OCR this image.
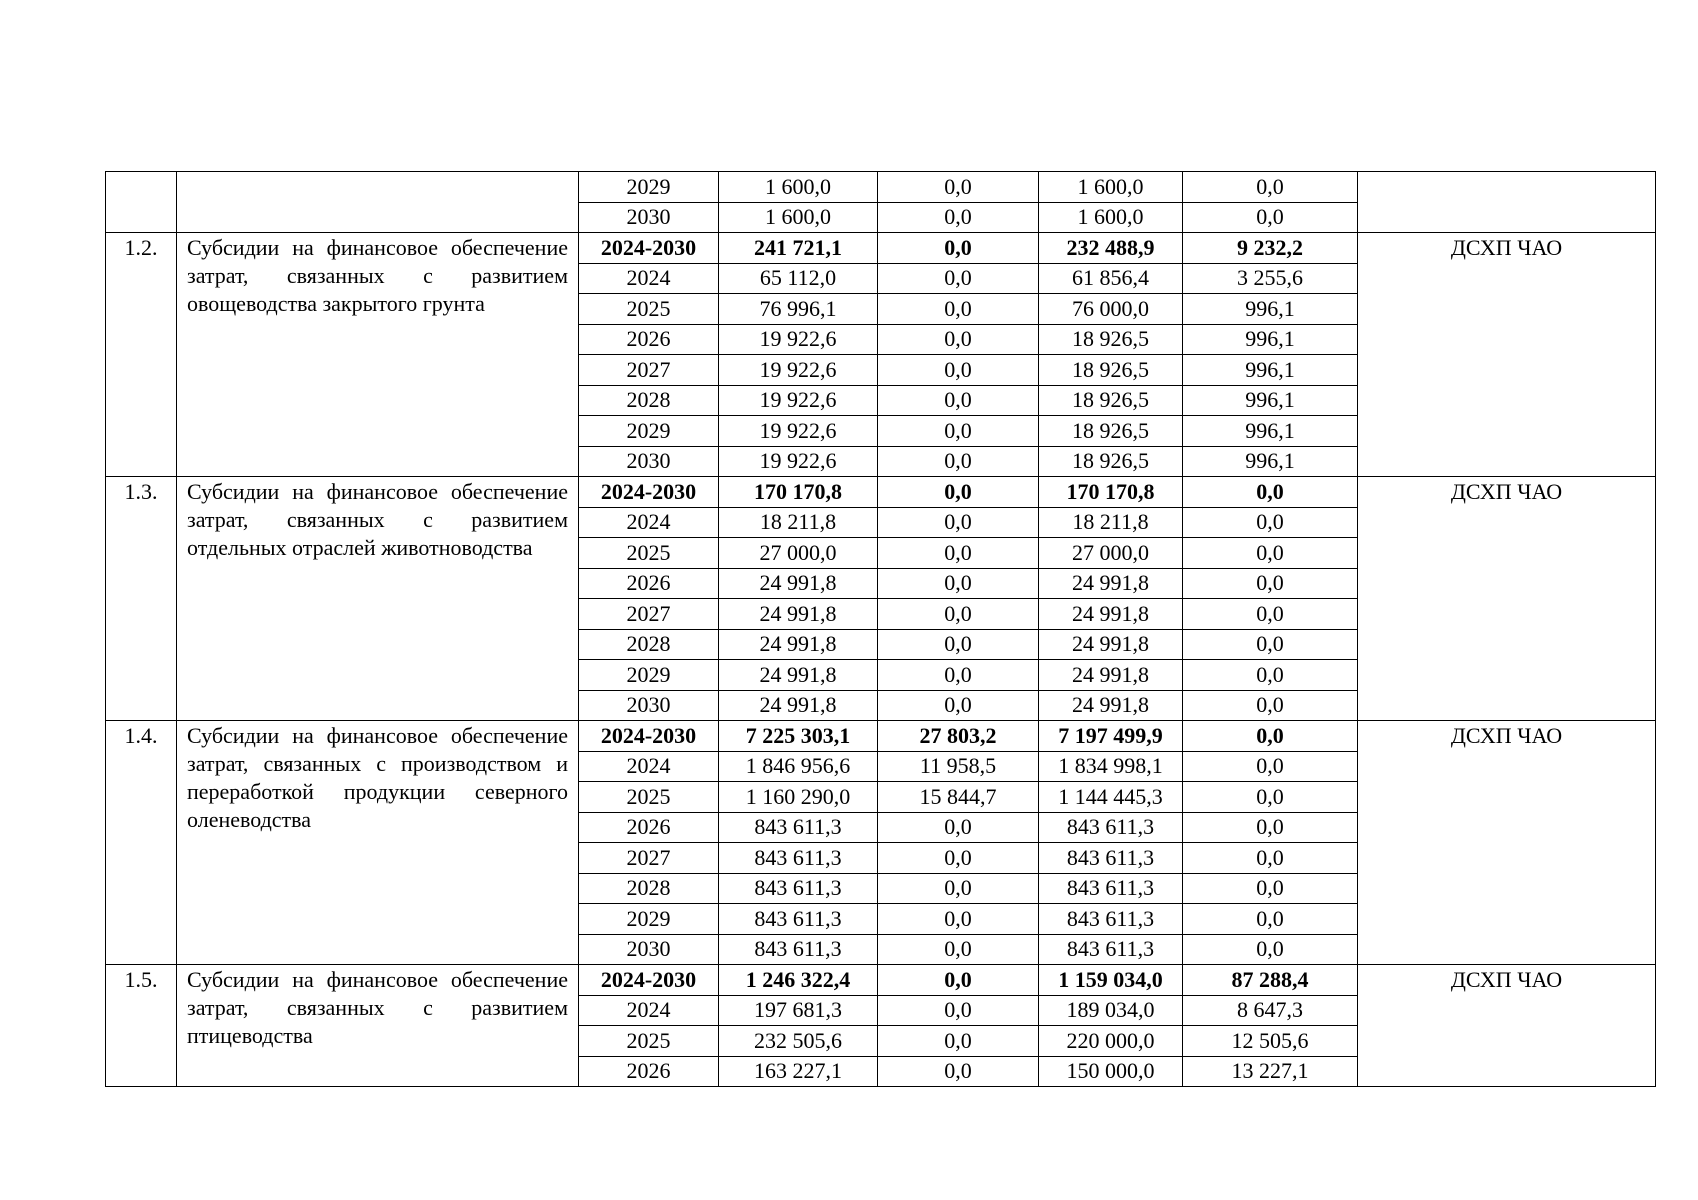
		2029	1 600,0	0,0	1 600,0	0,0	
		2030	1 600,0	0,0	1 600,0	0,0	
1.2.	Субсидии на финансовое обеспечение затрат, связанных с развитием овощеводства закрытого грунта	2024-2030	241 721,1	0,0	232 488,9	9 232,2	ДСХП ЧАО
		2024	65 112,0	0,0	61 856,4	3 255,6	
		2025	76 996,1	0,0	76 000,0	996,1	
		2026	19 922,6	0,0	18 926,5	996,1	
		2027	19 922,6	0,0	18 926,5	996,1	
		2028	19 922,6	0,0	18 926,5	996,1	
		2029	19 922,6	0,0	18 926,5	996,1	
		2030	19 922,6	0,0	18 926,5	996,1	
1.3.	Субсидии на финансовое обеспечение затрат, связанных с развитием отдельных отраслей животноводства	2024-2030	170 170,8	0,0	170 170,8	0,0	ДСХП ЧАО
		2024	18 211,8	0,0	18 211,8	0,0	
		2025	27 000,0	0,0	27 000,0	0,0	
		2026	24 991,8	0,0	24 991,8	0,0	
		2027	24 991,8	0,0	24 991,8	0,0	
		2028	24 991,8	0,0	24 991,8	0,0	
		2029	24 991,8	0,0	24 991,8	0,0	
		2030	24 991,8	0,0	24 991,8	0,0	
1.4.	Субсидии на финансовое обеспечение затрат, связанных с производством и переработкой продукции северного оленеводства	2024-2030	7 225 303,1	27 803,2	7 197 499,9	0,0	ДСХП ЧАО
		2024	1 846 956,6	11 958,5	1 834 998,1	0,0	
		2025	1 160 290,0	15 844,7	1 144 445,3	0,0	
		2026	843 611,3	0,0	843 611,3	0,0	
		2027	843 611,3	0,0	843 611,3	0,0	
		2028	843 611,3	0,0	843 611,3	0,0	
		2029	843 611,3	0,0	843 611,3	0,0	
		2030	843 611,3	0,0	843 611,3	0,0	
1.5.	Субсидии на финансовое обеспечение затрат, связанных с развитием птицеводства	2024-2030	1 246 322,4	0,0	1 159 034,0	87 288,4	ДСХП ЧАО
		2024	197 681,3	0,0	189 034,0	8 647,3	
		2025	232 505,6	0,0	220 000,0	12 505,6	
		2026	163 227,1	0,0	150 000,0	13 227,1	
